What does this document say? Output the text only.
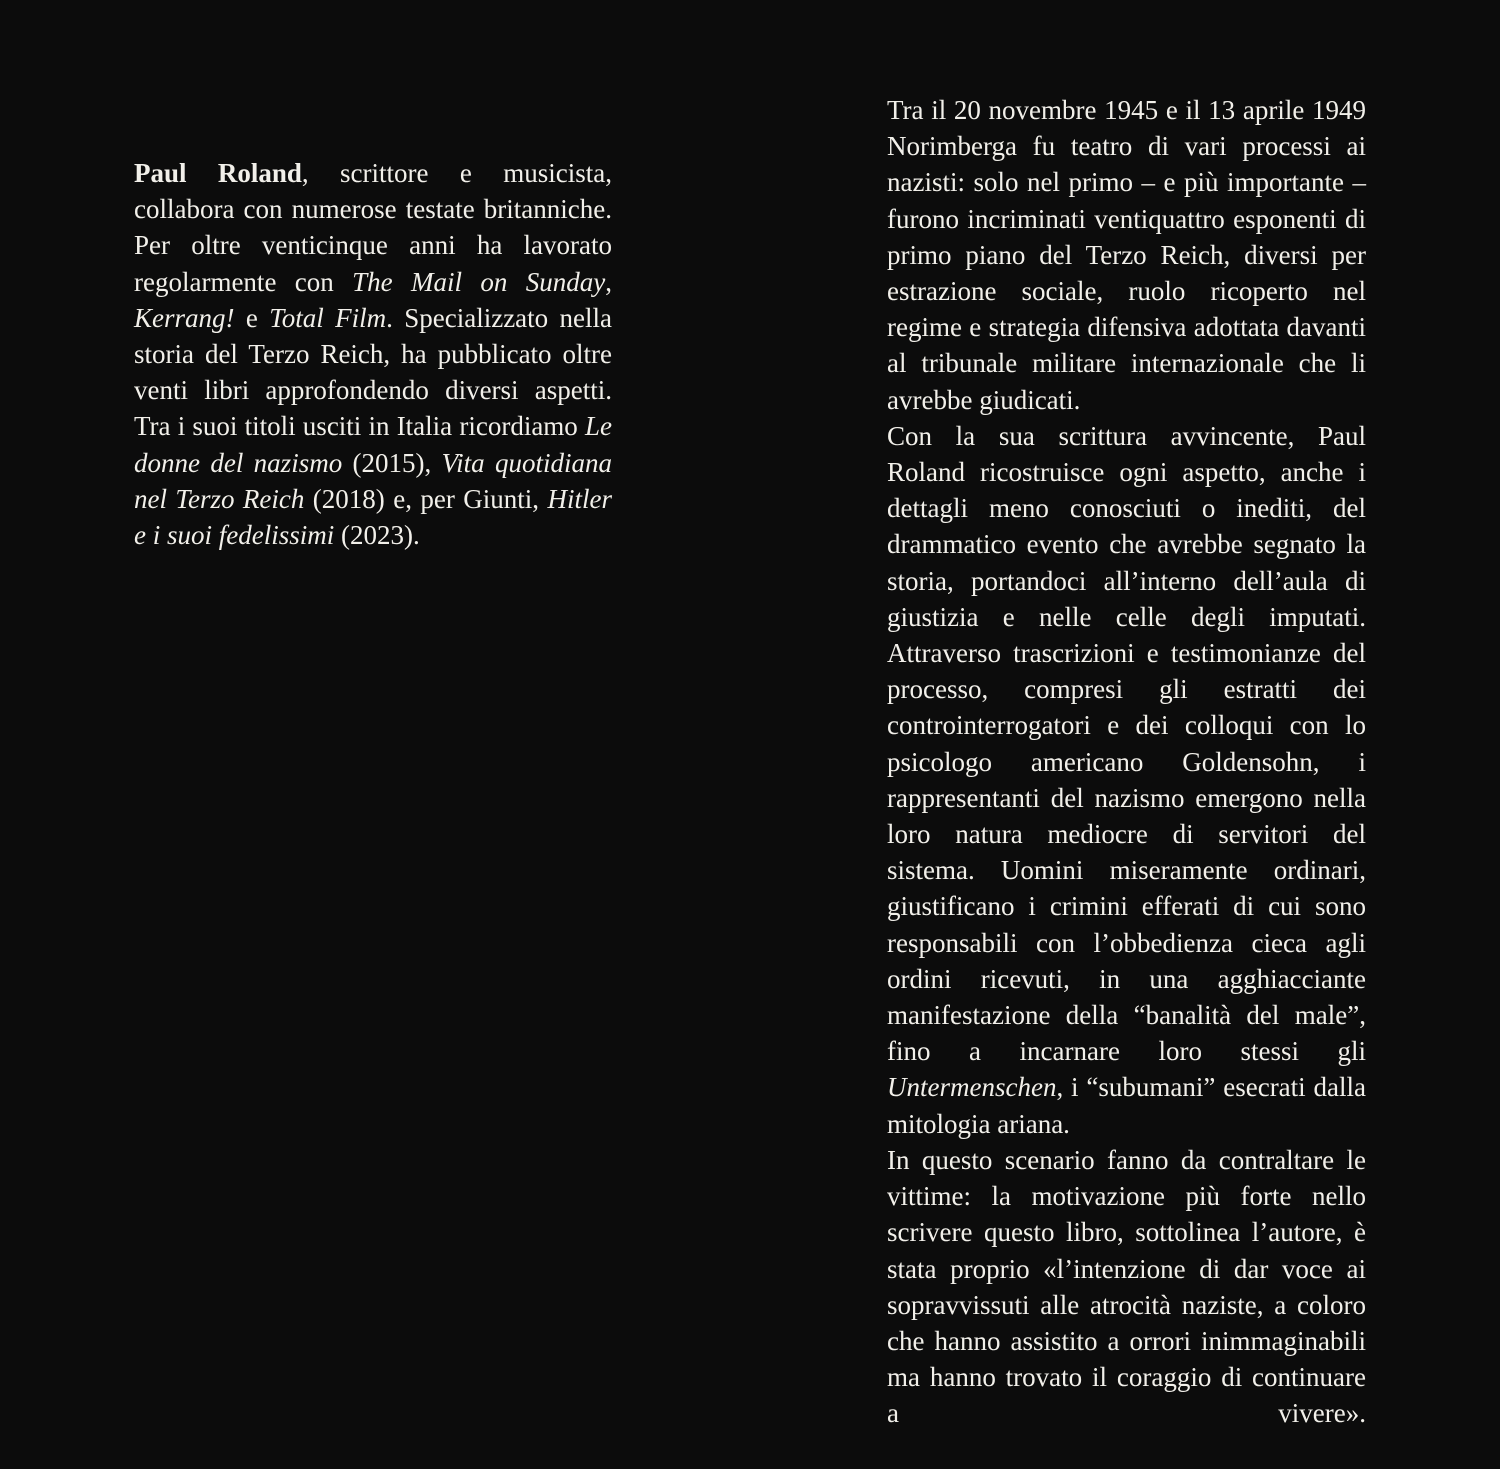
Paul Roland, scrittore e musicista, collabora con numerose testate britanniche. Per oltre venticinque anni ha lavorato regolarmente con The Mail on Sunday, Kerrang! e Total Film. Specializzato nella storia del Terzo Reich, ha pubblicato oltre venti libri approfondendo diversi aspetti. Tra i suoi titoli usciti in Italia ricordiamo Le donne del nazismo (2015), Vita quotidiana nel Terzo Reich (2018) e, per Giunti, Hitler e i suoi fedelissimi (2023).

Tra il 20 novembre 1945 e il 13 aprile 1949 Norimberga fu teatro di vari processi ai nazisti: solo nel primo – e più importante – furono incriminati ventiquattro esponenti di primo piano del Terzo Reich, diversi per estrazione sociale, ruolo ricoperto nel regime e strategia difensiva adottata davanti al tribunale militare internazionale che li avrebbe giudicati.

Con la sua scrittura avvincente, Paul Roland ricostruisce ogni aspetto, anche i dettagli meno conosciuti o inediti, del drammatico evento che avrebbe segnato la storia, portandoci all’interno dell’aula di giustizia e nelle celle degli imputati. Attraverso trascrizioni e testimonianze del processo, compresi gli estratti dei controinterrogatori e dei colloqui con lo psicologo americano Goldensohn, i rappresentanti del nazismo emergono nella loro natura mediocre di servitori del sistema. Uomini miseramente ordinari, giustificano i crimini efferati di cui sono responsabili con l’obbedienza cieca agli ordini ricevuti, in una agghiacciante manifestazione della “banalità del male”, fino a incarnare loro stessi gli Untermenschen, i “subumani” esecrati dalla mitologia ariana.

In questo scenario fanno da contraltare le vittime: la motivazione più forte nello scrivere questo libro, sottolinea l’autore, è stata proprio «l’intenzione di dar voce ai sopravvissuti alle atrocità naziste, a coloro che hanno assistito a orrori inimmaginabili ma hanno trovato il coraggio di continuare a vivere».
